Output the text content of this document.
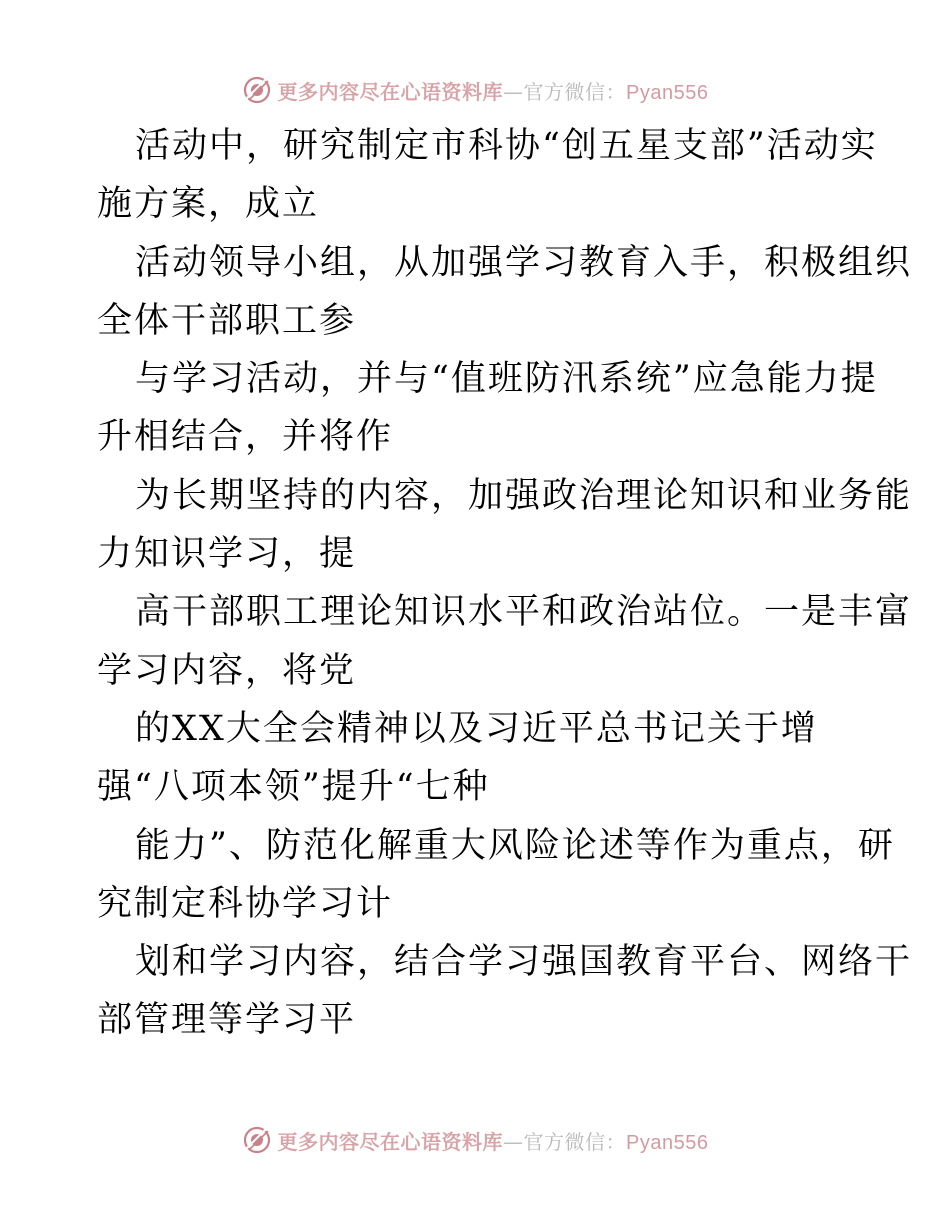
更多内容尽在心语资料库—官方微信：Pyan556
活动中，研究制定市科协“创五星支部”活动实
施方案，成立
活动领导小组，从加强学习教育入手，积极组织
全体干部职工参
与学习活动，并与“值班防汛系统”应急能力提
升相结合，并将作
为长期坚持的内容，加强政治理论知识和业务能
力知识学习，提
高干部职工理论知识水平和政治站位。一是丰富
学习内容，将党
的XX大全会精神以及习近平总书记关于增
强“八项本领”提升“七种
能力”、防范化解重大风险论述等作为重点，研
究制定科协学习计
划和学习内容，结合学习强国教育平台、网络干
部管理等学习平
更多内容尽在心语资料库—官方微信：Pyan556
